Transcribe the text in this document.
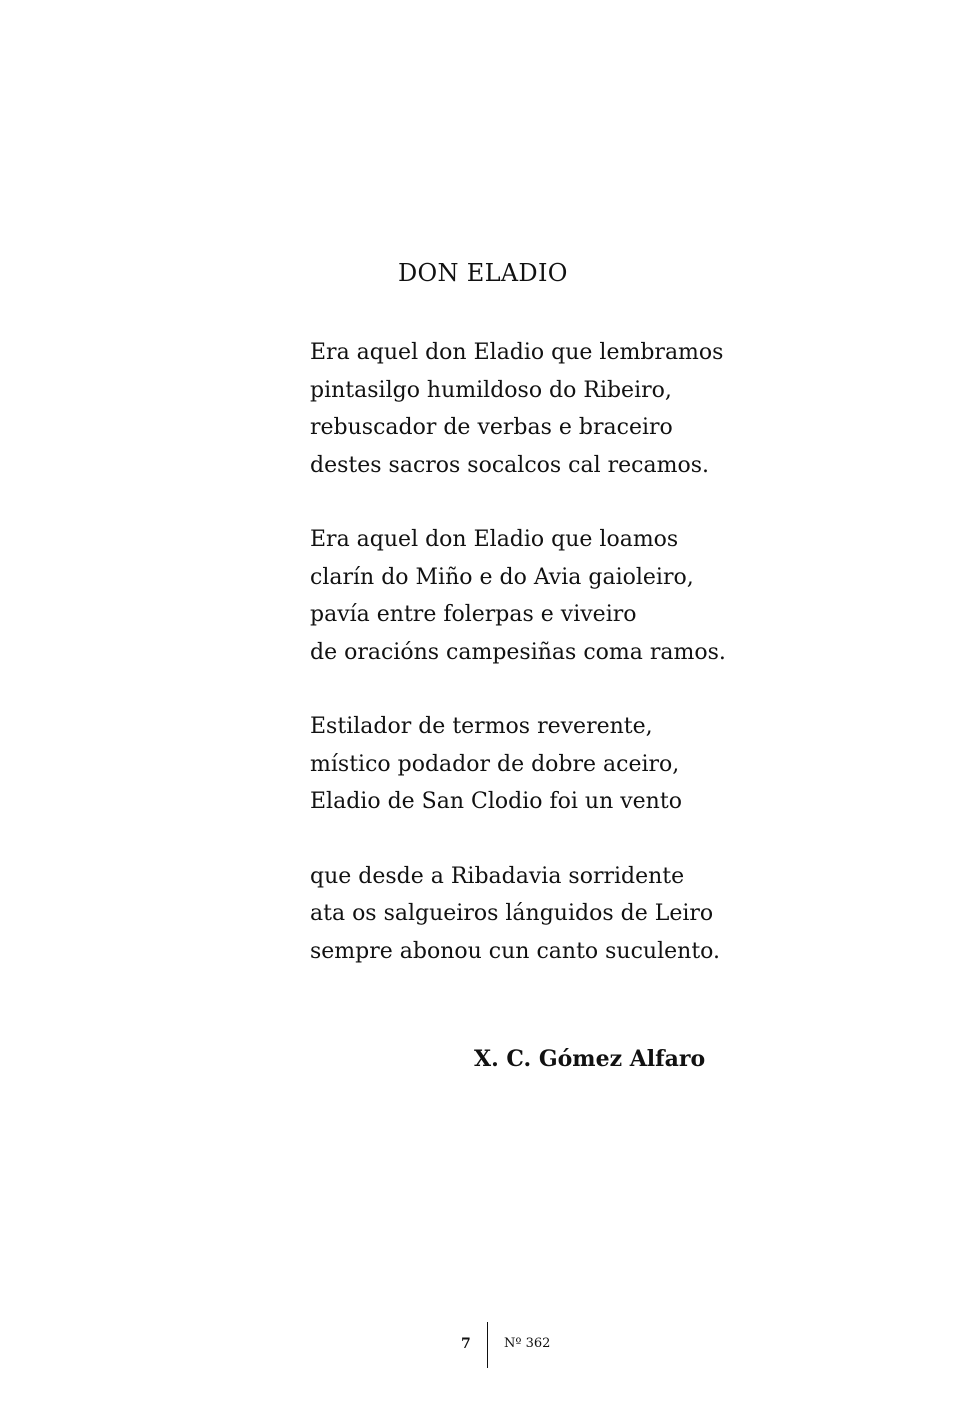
DON ELADIO
Era aquel don Eladio que lembramos
pintasilgo humildoso do Ribeiro,
rebuscador de verbas e braceiro
destes sacros socalcos cal recamos.
Era aquel don Eladio que loamos
clarín do Miño e do Avia gaioleiro,
pavía entre folerpas e viveiro
de oracións campesiñas coma ramos.
Estilador de termos reverente,
místico podador de dobre aceiro,
Eladio de San Clodio foi un vento
que desde a Ribadavia sorridente
ata os salgueiros lánguidos de Leiro
sempre abonou cun canto suculento.
X. C. Gómez Alfaro
7	Nº 362
